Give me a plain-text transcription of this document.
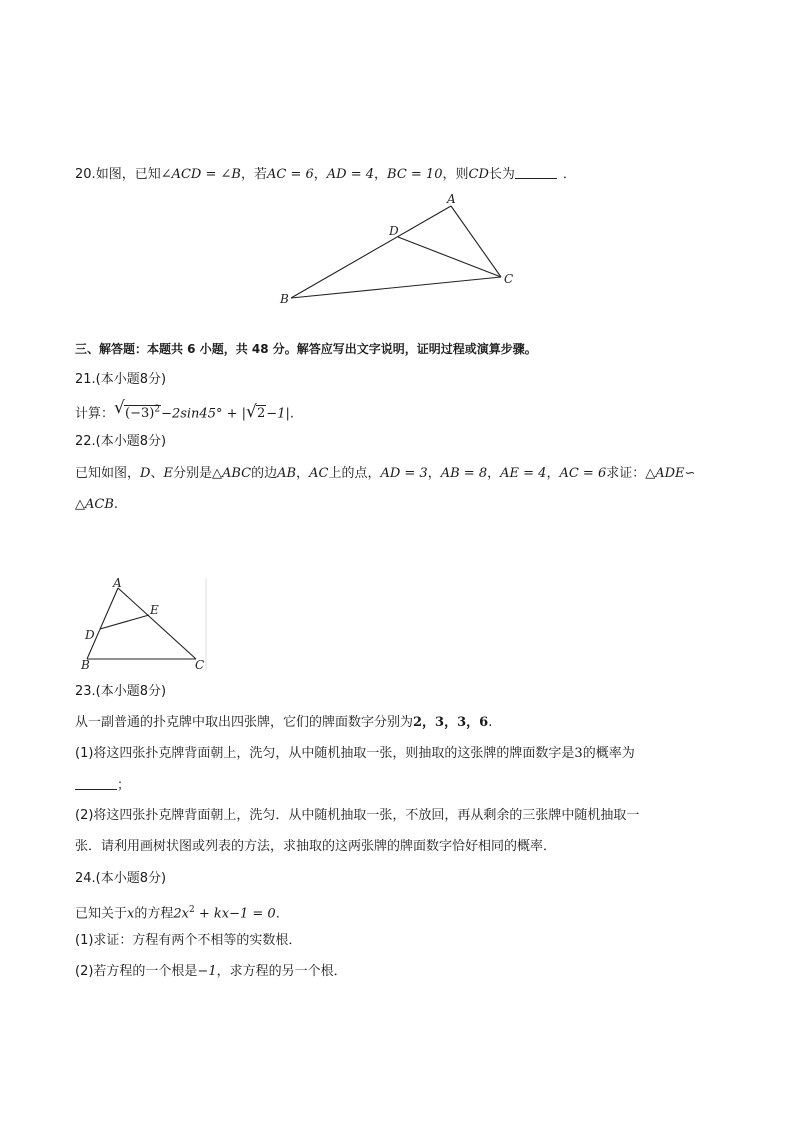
20.如图，已知∠ACD = ∠B，若AC = 6，AD = 4，BC = 10，则CD长为	．
A
B
C
D
三、解答题：本题共 6 小题，共 48 分。解答应写出文字说明，证明过程或演算步骤。
21.(本小题8分)
计算： √ $(-3)^2-2\sin 45^\circ$ + | √ 2−1|.
22.(本小题8分)
已知如图，D、E分别是△ABC的边AB，AC上的点，AD = 3，AB = 8，AE = 4，AC = 6求证：△ADE∽
△ACB.
A
B	C
D
E
23.(本小题8分)
从一副普通的扑克牌中取出四张牌，它们的牌面数字分别为2，3，3，6.
(1)将这四张扑克牌背面朝上，洗匀，从中随机抽取一张，则抽取的这张牌的牌面数字是3的概率为
；
(2)将这四张扑克牌背面朝上，洗匀．从中随机抽取一张，不放回，再从剩余的三张牌中随机抽取一
张．请利用画树状图或列表的方法，求抽取的这两张牌的牌面数字恰好相同的概率．
24.(本小题8分)
已知关于x的方程$2x^2 + kx-1 = 0$.
(1)求证：方程有两个不相等的实数根．
(2)若方程的一个根是−1，求方程的另一个根．
